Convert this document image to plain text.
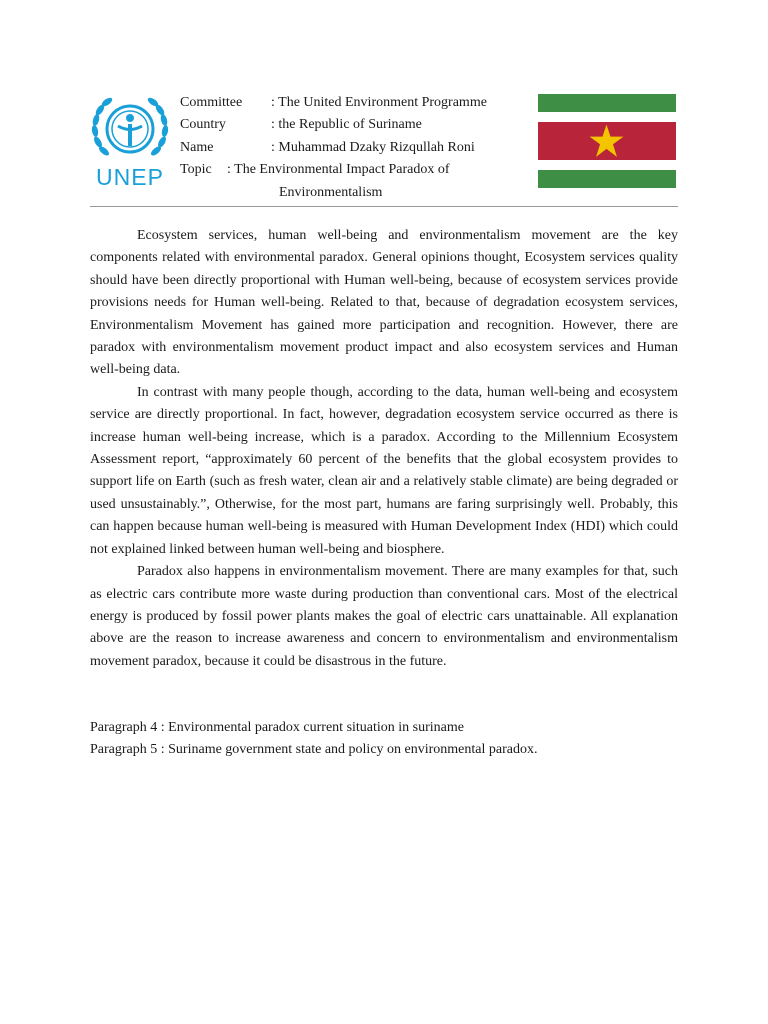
UNEP
Committee : The United Environment Programme
Country	: the Republic of Suriname
Name	: Muhammad Dzaky Rizqullah Roni
Topic : The Environmental Impact Paradox of
Environmentalism

Ecosystem services, human well-being and environmentalism movement are the key components related with environmental paradox. General opinions thought, Ecosystem services quality should have been directly proportional with Human well-being, because of ecosystem services provide provisions needs for Human well-being. Related to that, because of degradation ecosystem services, Environmentalism Movement has gained more participation and recognition. However, there are paradox with environmentalism movement product impact and also ecosystem services and Human well-being data.

In contrast with many people though, according to the data, human well-being and ecosystem service are directly proportional. In fact, however, degradation ecosystem service occurred as there is increase human well-being increase, which is a paradox. According to the Millennium Ecosystem Assessment report, “approximately 60 percent of the benefits that the global ecosystem provides to support life on Earth (such as fresh water, clean air and a relatively stable climate) are being degraded or used unsustainably.”, Otherwise, for the most part, humans are faring surprisingly well. Probably, this can happen because human well-being is measured with Human Development Index (HDI) which could not explained linked between human well-being and biosphere.

Paradox also happens in environmentalism movement. There are many examples for that, such as electric cars contribute more waste during production than conventional cars. Most of the electrical energy is produced by fossil power plants makes the goal of electric cars unattainable. All explanation above are the reason to increase awareness and concern to environmentalism and environmentalism movement paradox, because it could be disastrous in the future.

Paragraph 4 : Environmental paradox current situation in suriname
Paragraph 5 : Suriname government state and policy on environmental paradox.
